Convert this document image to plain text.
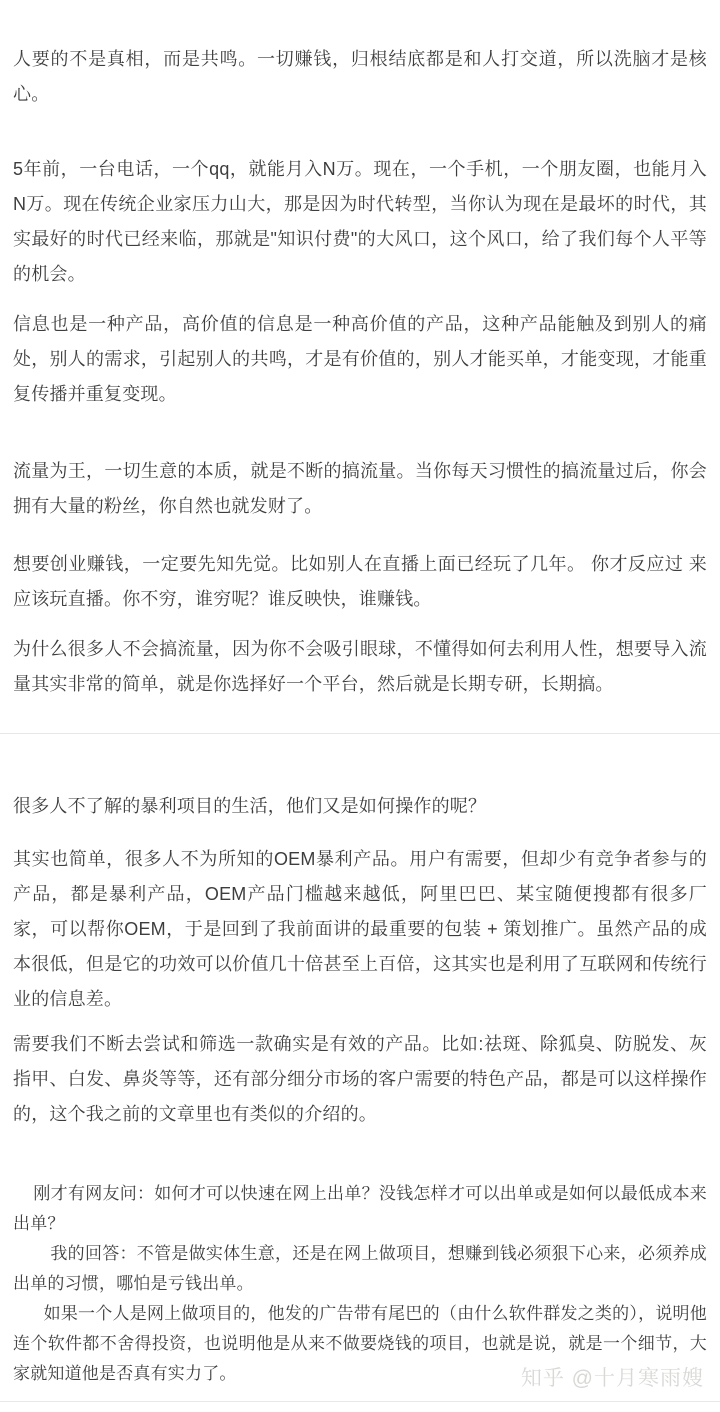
人要的不是真相，而是共鸣。一切赚钱，归根结底都是和人打交道，所以洗脑才是核心。

5年前，一台电话，一个qq，就能月入N万。现在，一个手机，一个朋友圈，也能月入N万。现在传统企业家压力山大，那是因为时代转型，当你认为现在是最坏的时代，其实最好的时代已经来临，那就是"知识付费"的大风口，这个风口，给了我们每个人平等的机会。

信息也是一种产品，高价值的信息是一种高价值的产品，这种产品能触及到别人的痛处，别人的需求，引起别人的共鸣，才是有价值的，别人才能买单，才能变现，才能重复传播并重复变现。

流量为王，一切生意的本质，就是不断的搞流量。当你每天习惯性的搞流量过后，你会拥有大量的粉丝，你自然也就发财了。

想要创业赚钱，一定要先知先觉。比如别人在直播上面已经玩了几年。 你才反应过 来应该玩直播。你不穷，谁穷呢？谁反映快，谁赚钱。

为什么很多人不会搞流量，因为你不会吸引眼球，不懂得如何去利用人性，想要导入流量其实非常的简单，就是你选择好一个平台，然后就是长期专研，长期搞。

很多人不了解的暴利项目的生活，他们又是如何操作的呢？

其实也简单，很多人不为所知的OEM暴利产品。用户有需要，但却少有竞争者参与的产品，都是暴利产品，OEM产品门槛越来越低，阿里巴巴、某宝随便搜都有很多厂家，可以帮你OEM，于是回到了我前面讲的最重要的包装 + 策划推广。虽然产品的成本很低，但是它的功效可以价值几十倍甚至上百倍，这其实也是利用了互联网和传统行业的信息差。

需要我们不断去尝试和筛选一款确实是有效的产品。比如:祛斑、除狐臭、防脱发、灰指甲、白发、鼻炎等等，还有部分细分市场的客户需要的特色产品，都是可以这样操作的，这个我之前的文章里也有类似的介绍的。

刚才有网友问：如何才可以快速在网上出单？没钱怎样才可以出单或是如何以最低成本来出单？

我的回答：不管是做实体生意，还是在网上做项目，想赚到钱必须狠下心来，必须养成出单的习惯，哪怕是亏钱出单。

如果一个人是网上做项目的，他发的广告带有尾巴的（由什么软件群发之类的），说明他连个软件都不舍得投资，也说明他是从来不做要烧钱的项目，也就是说，就是一个细节，大家就知道他是否真有实力了。	知乎 @十月寒雨嫂
